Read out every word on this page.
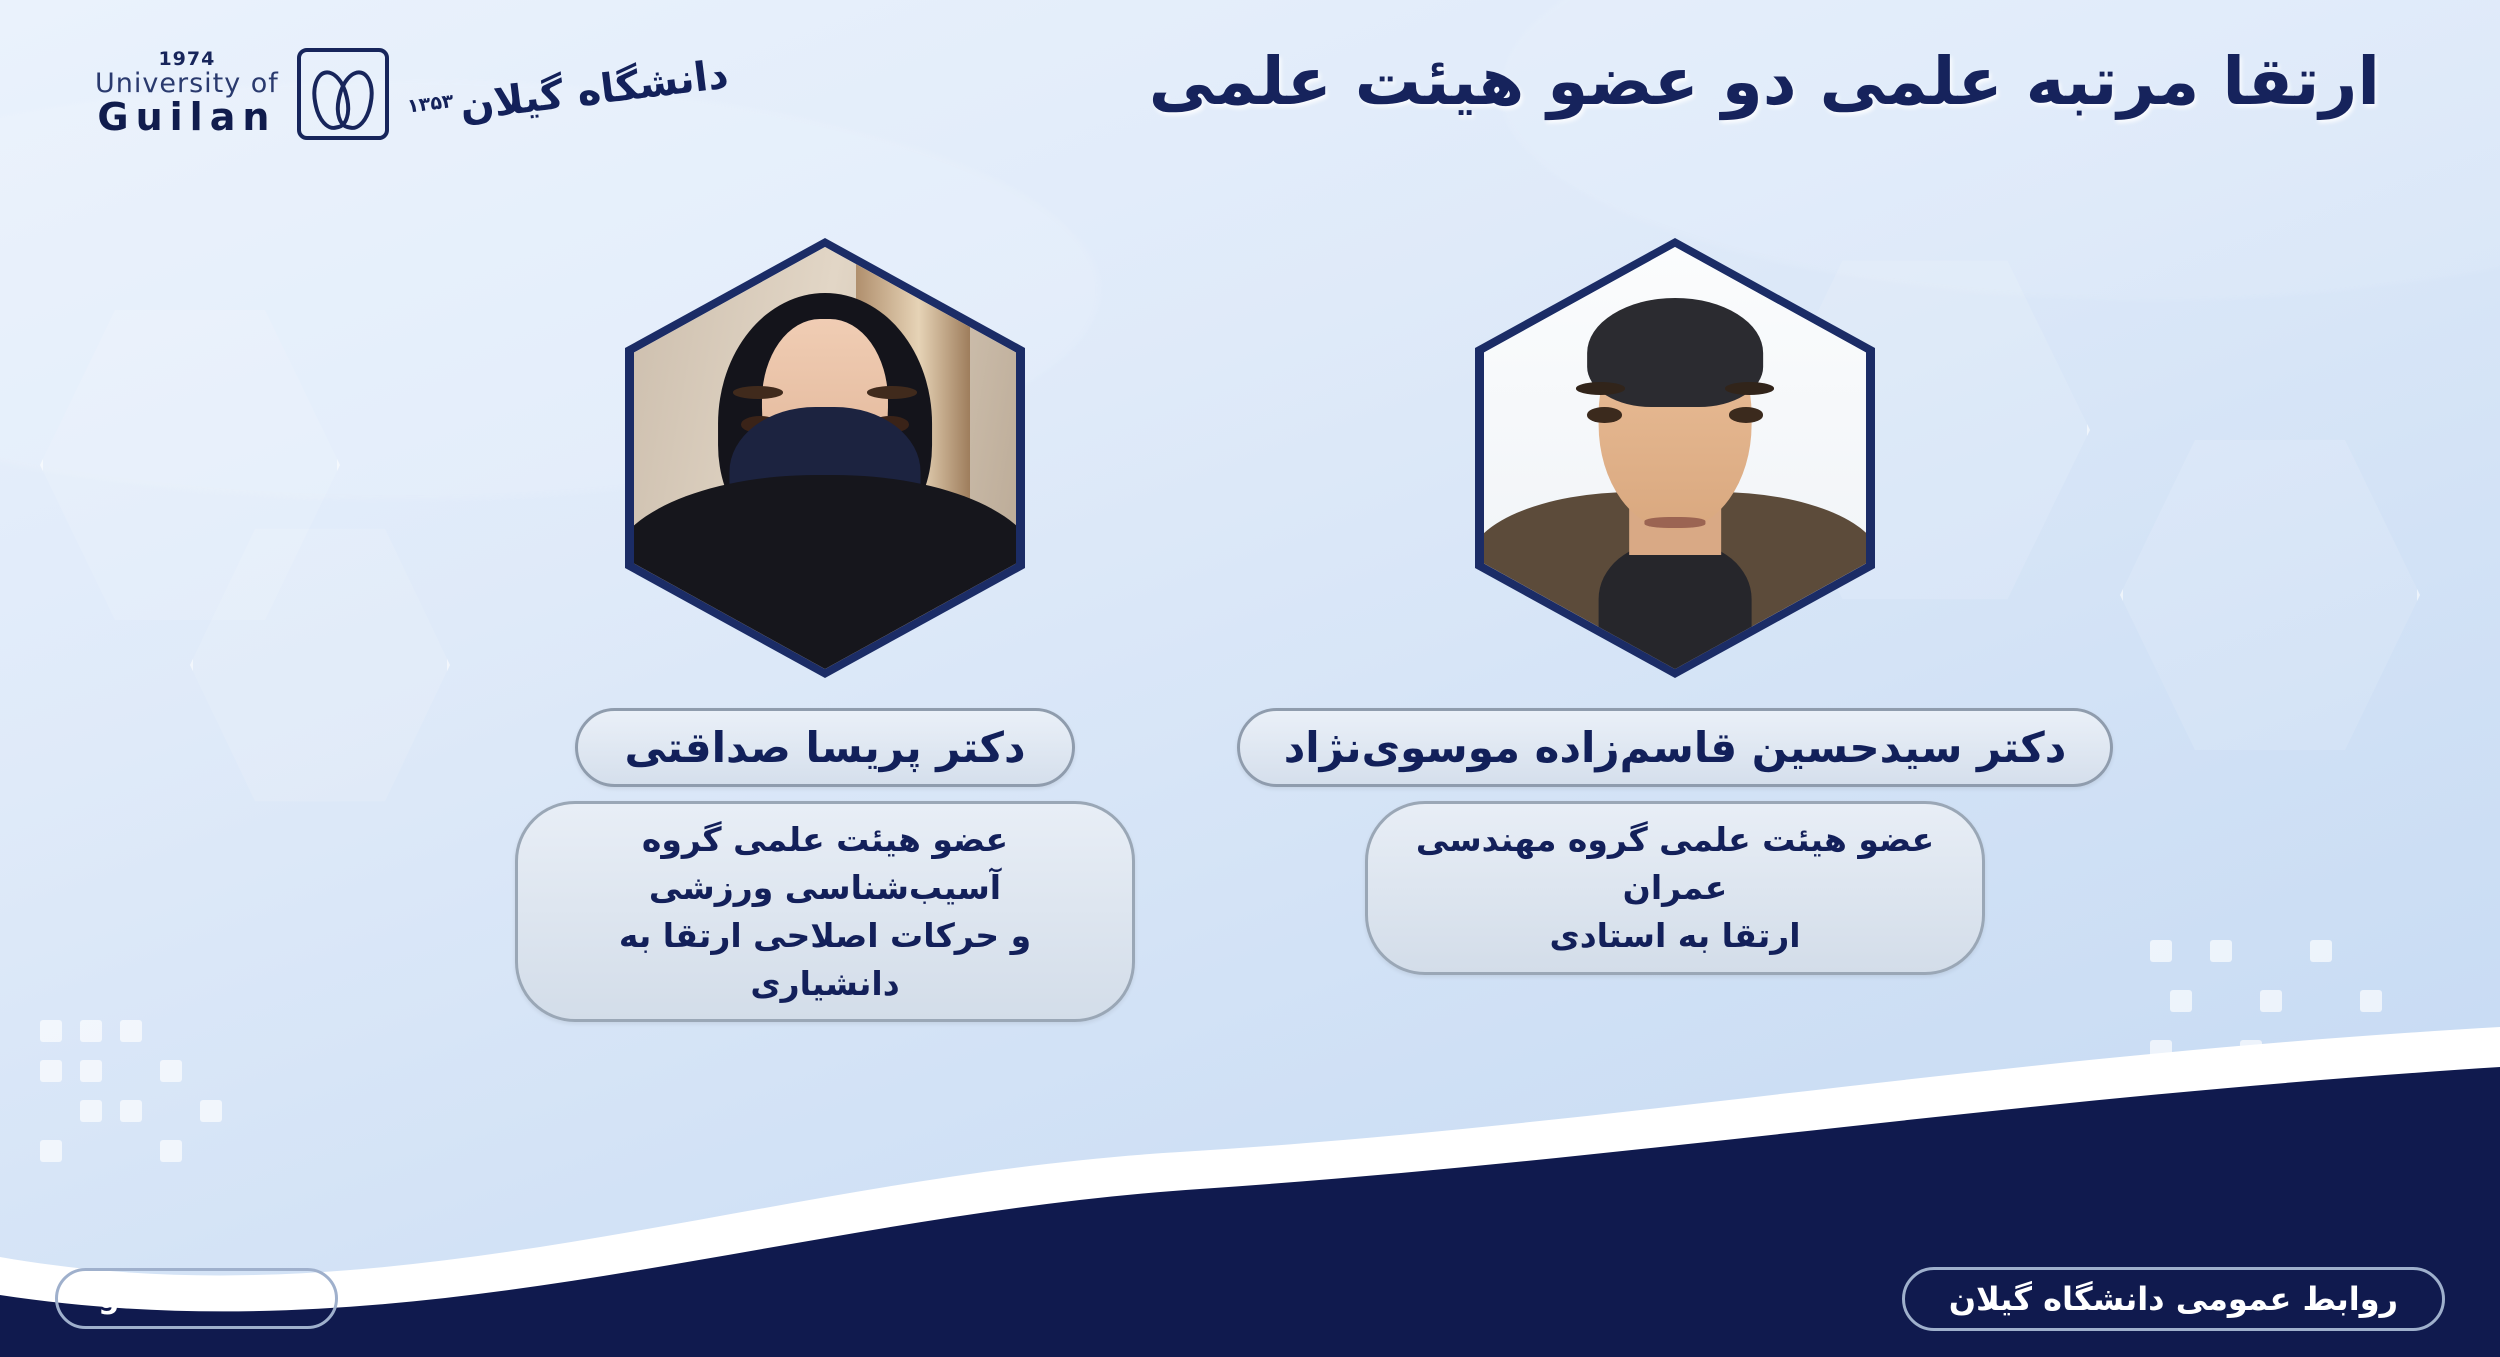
1974
University of
Guilan	$^{۱۳۵۳}$دانشگاه گیلان	ارتقا مرتبه علمی دو عضو هیئت علمی
دکتر سیدحسین قاسم‌زاده موسوی‌نژاد
عضو هیئت علمی گروه مهندسی عمران
ارتقا به استادی
دکتر پریسا صداقتی
عضو هیئت علمی گروه آسیب‌شناسی ورزشی
و حرکات اصلاحی ارتقا به دانشیاری
guilan.ac.ir	روابط عمومی دانشگاه گیلان
